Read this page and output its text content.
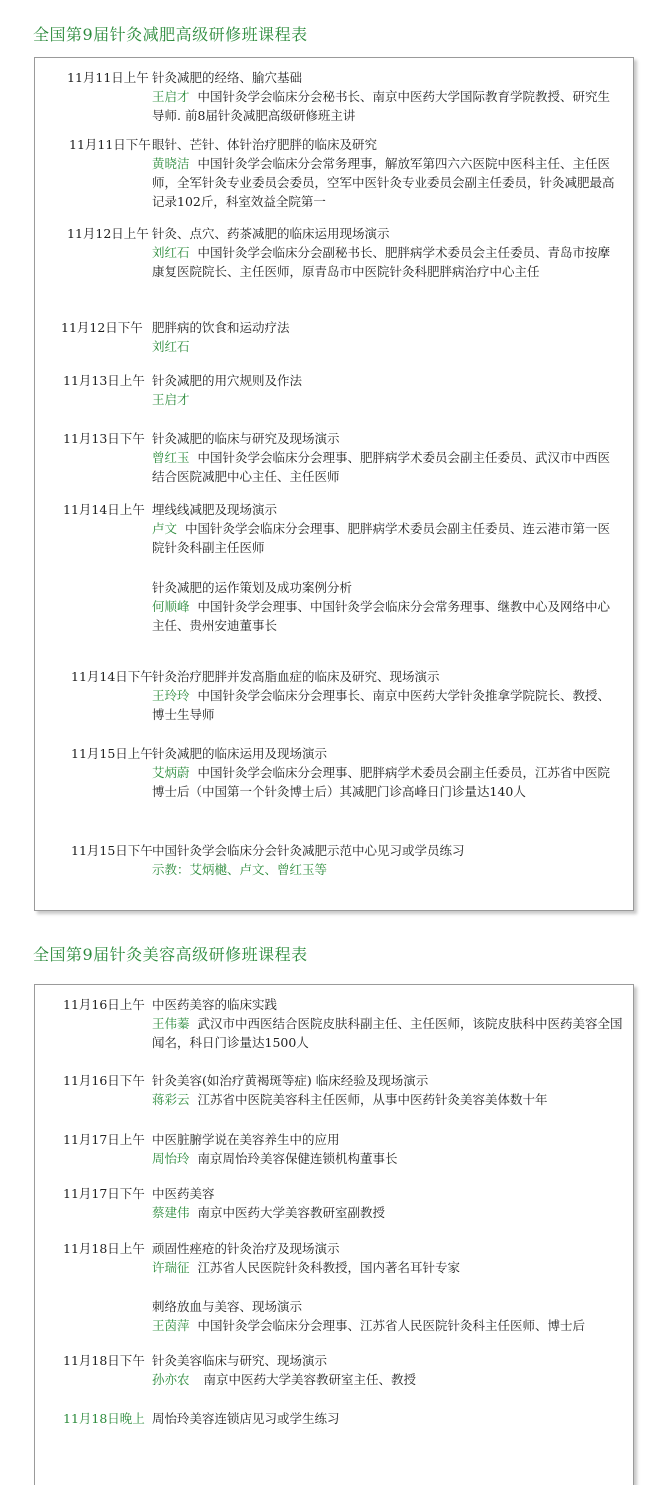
全国第9届针灸减肥高级研修班课程表
11月11日上午 针灸减肥的经络、腧穴基础
王启才 中国针灸学会临床分会秘书长、南京中医药大学国际教育学院教授、研究生导师. 前8届针灸减肥高级研修班主讲
11月11日下午 眼针、芒针、体针治疗肥胖的临床及研究
黄晓洁 中国针灸学会临床分会常务理事，解放军第四六六医院中医科主任、主任医师，全军针灸专业委员会委员，空军中医针灸专业委员会副主任委员，针灸减肥最高记录102斤，科室效益全院第一
11月12日上午 针灸、点穴、药茶减肥的临床运用现场演示
刘红石 中国针灸学会临床分会副秘书长、肥胖病学术委员会主任委员、青岛市按摩康复医院院长、主任医师，原青岛市中医院针灸科肥胖病治疗中心主任
11月12日下午 肥胖病的饮食和运动疗法
刘红石
11月13日上午 针灸减肥的用穴规则及作法
王启才
11月13日下午 针灸减肥的临床与研究及现场演示
曾红玉 中国针灸学会临床分会理事、肥胖病学术委员会副主任委员、武汉市中西医结合医院减肥中心主任、主任医师
11月14日上午 埋线线减肥及现场演示
卢文 中国针灸学会临床分会理事、肥胖病学术委员会副主任委员、连云港市第一医院针灸科副主任医师
针灸减肥的运作策划及成功案例分析
何顺峰 中国针灸学会理事、中国针灸学会临床分会常务理事、继教中心及网络中心主任、贵州安迪董事长
11月14日下午 针灸治疗肥胖并发高脂血症的临床及研究、现场演示
王玲玲 中国针灸学会临床分会理事长、南京中医药大学针灸推拿学院院长、教授、博士生导师
11月15日上午 针灸减肥的临床运用及现场演示
艾炳蔚 中国针灸学会临床分会理事、肥胖病学术委员会副主任委员，江苏省中医院博士后（中国第一个针灸博士后）其减肥门诊高峰日门诊量达140人
11月15日下午 中国针灸学会临床分会针灸减肥示范中心见习或学员练习
示教：艾炳樾、卢文、曾红玉等
全国第9届针灸美容高级研修班课程表
11月16日上午 中医药美容的临床实践
王伟蓁 武汉市中西医结合医院皮肤科副主任、主任医师，该院皮肤科中医药美容全国闻名，科日门诊量达1500人
11月16日下午 针灸美容(如治疗黄褐斑等症) 临床经验及现场演示
蒋彩云 江苏省中医院美容科主任医师，从事中医药针灸美容美体数十年
11月17日上午 中医脏腑学说在美容养生中的应用
周怡玲 南京周怡玲美容保健连锁机构董事长
11月17日下午 中医药美容
蔡建伟 南京中医药大学美容教研室副教授
11月18日上午 顽固性痤疮的针灸治疗及现场演示
许瑞征 江苏省人民医院针灸科教授，国内著名耳针专家
刺络放血与美容、现场演示
王茵萍 中国针灸学会临床分会理事、江苏省人民医院针灸科主任医师、博士后
11月18日下午 针灸美容临床与研究、现场演示
孙亦农 南京中医药大学美容教研室主任、教授
11月18日晚上 周怡玲美容连锁店见习或学生练习
